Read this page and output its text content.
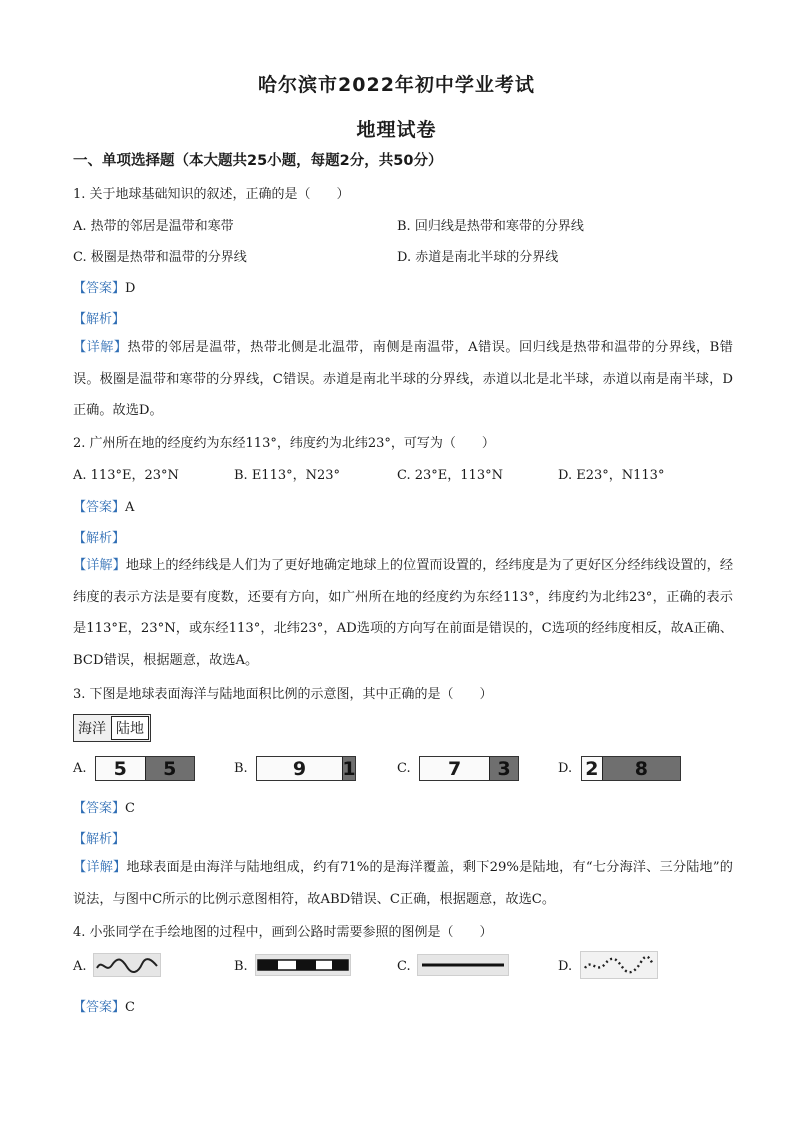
哈尔滨市2022年初中学业考试
地理试卷
一、单项选择题（本大题共25小题，每题2分，共50分）
1. 关于地球基础知识的叙述，正确的是（　　）
A. 热带的邻居是温带和寒带	B. 回归线是热带和寒带的分界线
C. 极圈是热带和温带的分界线	D. 赤道是南北半球的分界线
【答案】D
【解析】
【详解】热带的邻居是温带，热带北侧是北温带，南侧是南温带，A错误。回归线是热带和温带的分界线，B错误。极圈是温带和寒带的分界线，C错误。赤道是南北半球的分界线，赤道以北是北半球，赤道以南是南半球，D正确。故选D。
2. 广州所在地的经度约为东经113°，纬度约为北纬23°，可写为（　　）
A. 113°E，23°N	B. E113°，N23°	C. 23°E，113°N	D. E23°，N113°
【答案】A
【解析】
【详解】地球上的经纬线是人们为了更好地确定地球上的位置而设置的，经纬度是为了更好区分经纬线设置的，经纬度的表示方法是要有度数，还要有方向，如广州所在地的经度约为东经113°，纬度约为北纬23°，正确的表示是113°E，23°N，或东经113°，北纬23°，AD选项的方向写在前面是错误的，C选项的经纬度相反，故A正确、BCD错误，根据题意，故选A。
3. 下图是地球表面海洋与陆地面积比例的示意图，其中正确的是（　　）
海洋 陆地
A.	5	5	B.	9	1	C.	7	3	D. 2	8
【答案】C
【解析】
【详解】地球表面是由海洋与陆地组成，约有71%的是海洋覆盖，剩下29%是陆地，有“七分海洋、三分陆地”的说法，与图中C所示的比例示意图相符，故ABD错误、C正确，根据题意，故选C。
4. 小张同学在手绘地图的过程中，画到公路时需要参照的图例是（　　）
A.	B.	C.	D.
【答案】C
